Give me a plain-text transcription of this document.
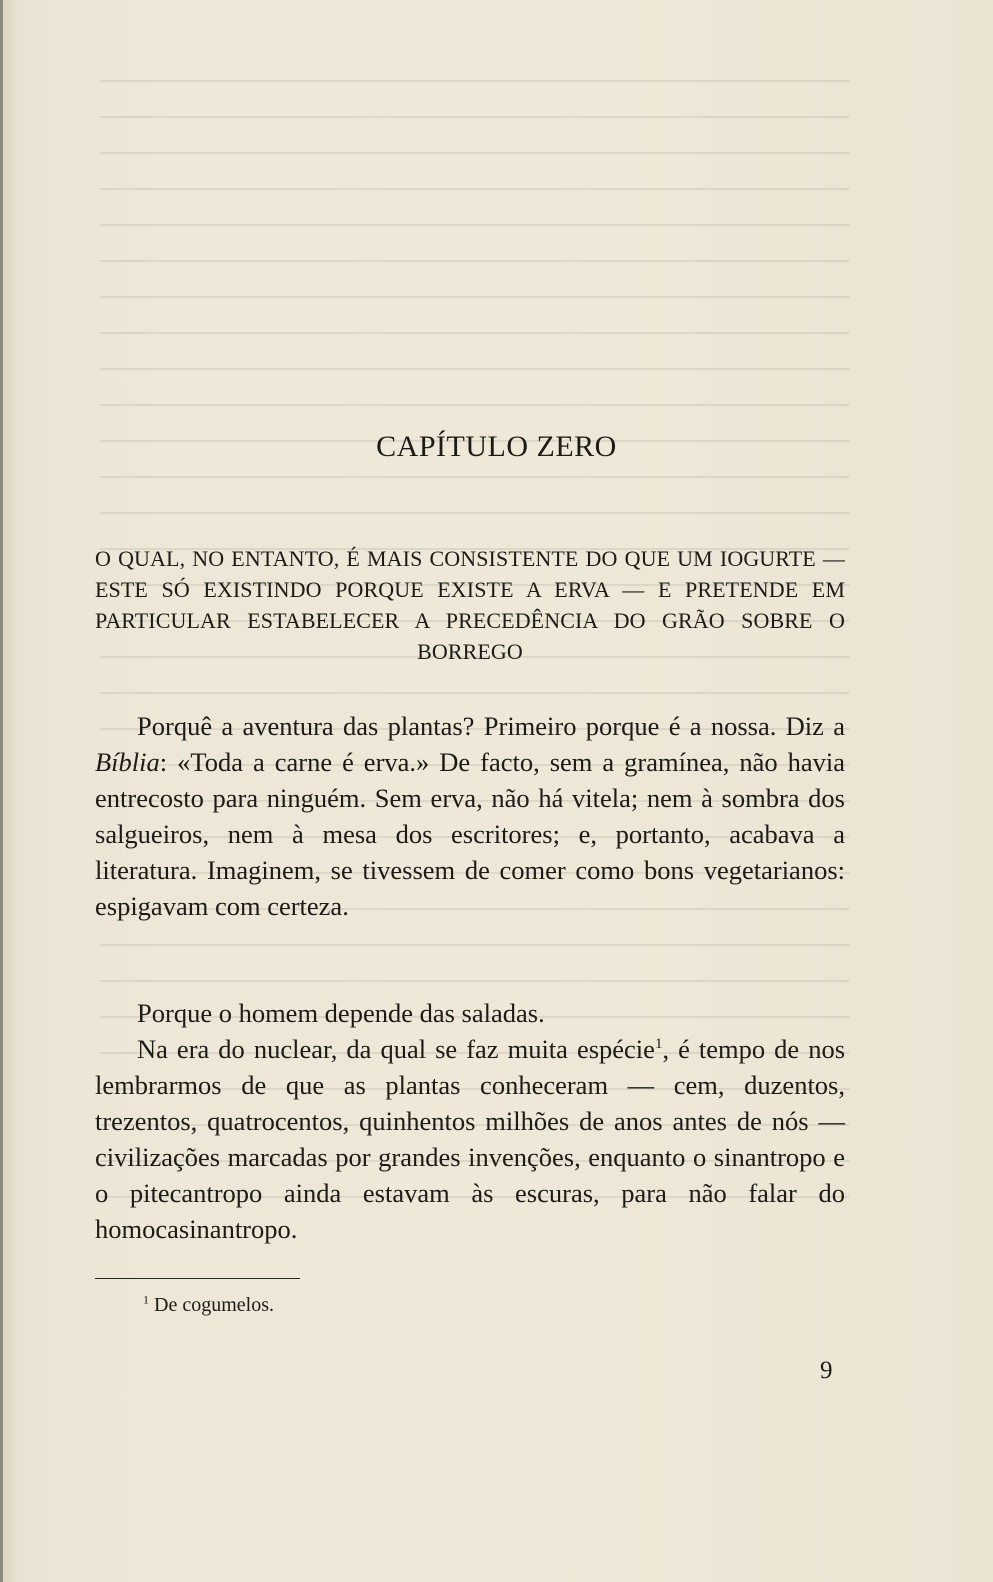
CAPÍTULO ZERO

O QUAL, NO ENTANTO, É MAIS CONSISTENTE DO QUE UM IOGURTE — ESTE SÓ EXISTINDO PORQUE EXISTE A ERVA — E PRETENDE EM PARTICULAR ESTABELECER A PRECEDÊNCIA DO GRÃO SOBRE O BORREGO

Porquê a aventura das plantas? Primeiro porque é a nossa. Diz a Bíblia: «Toda a carne é erva.» De facto, sem a gramínea, não havia entrecosto para ninguém. Sem erva, não há vitela; nem à sombra dos salgueiros, nem à mesa dos escritores; e, portanto, acabava a literatura. Imaginem, se tivessem de comer como bons vegetarianos: espigavam com certeza.

Porque o homem depende das saladas.

Na era do nuclear, da qual se faz muita espécie$^1$, é tempo de nos lembrarmos de que as plantas conheceram — cem, duzentos, trezentos, quatrocentos, quinhentos milhões de anos antes de nós — civilizações marcadas por grandes invenções, enquanto o sinantropo e o pitecantropo ainda estavam às escuras, para não falar do homocasinantropo.

$^1$ De cogumelos.

9
